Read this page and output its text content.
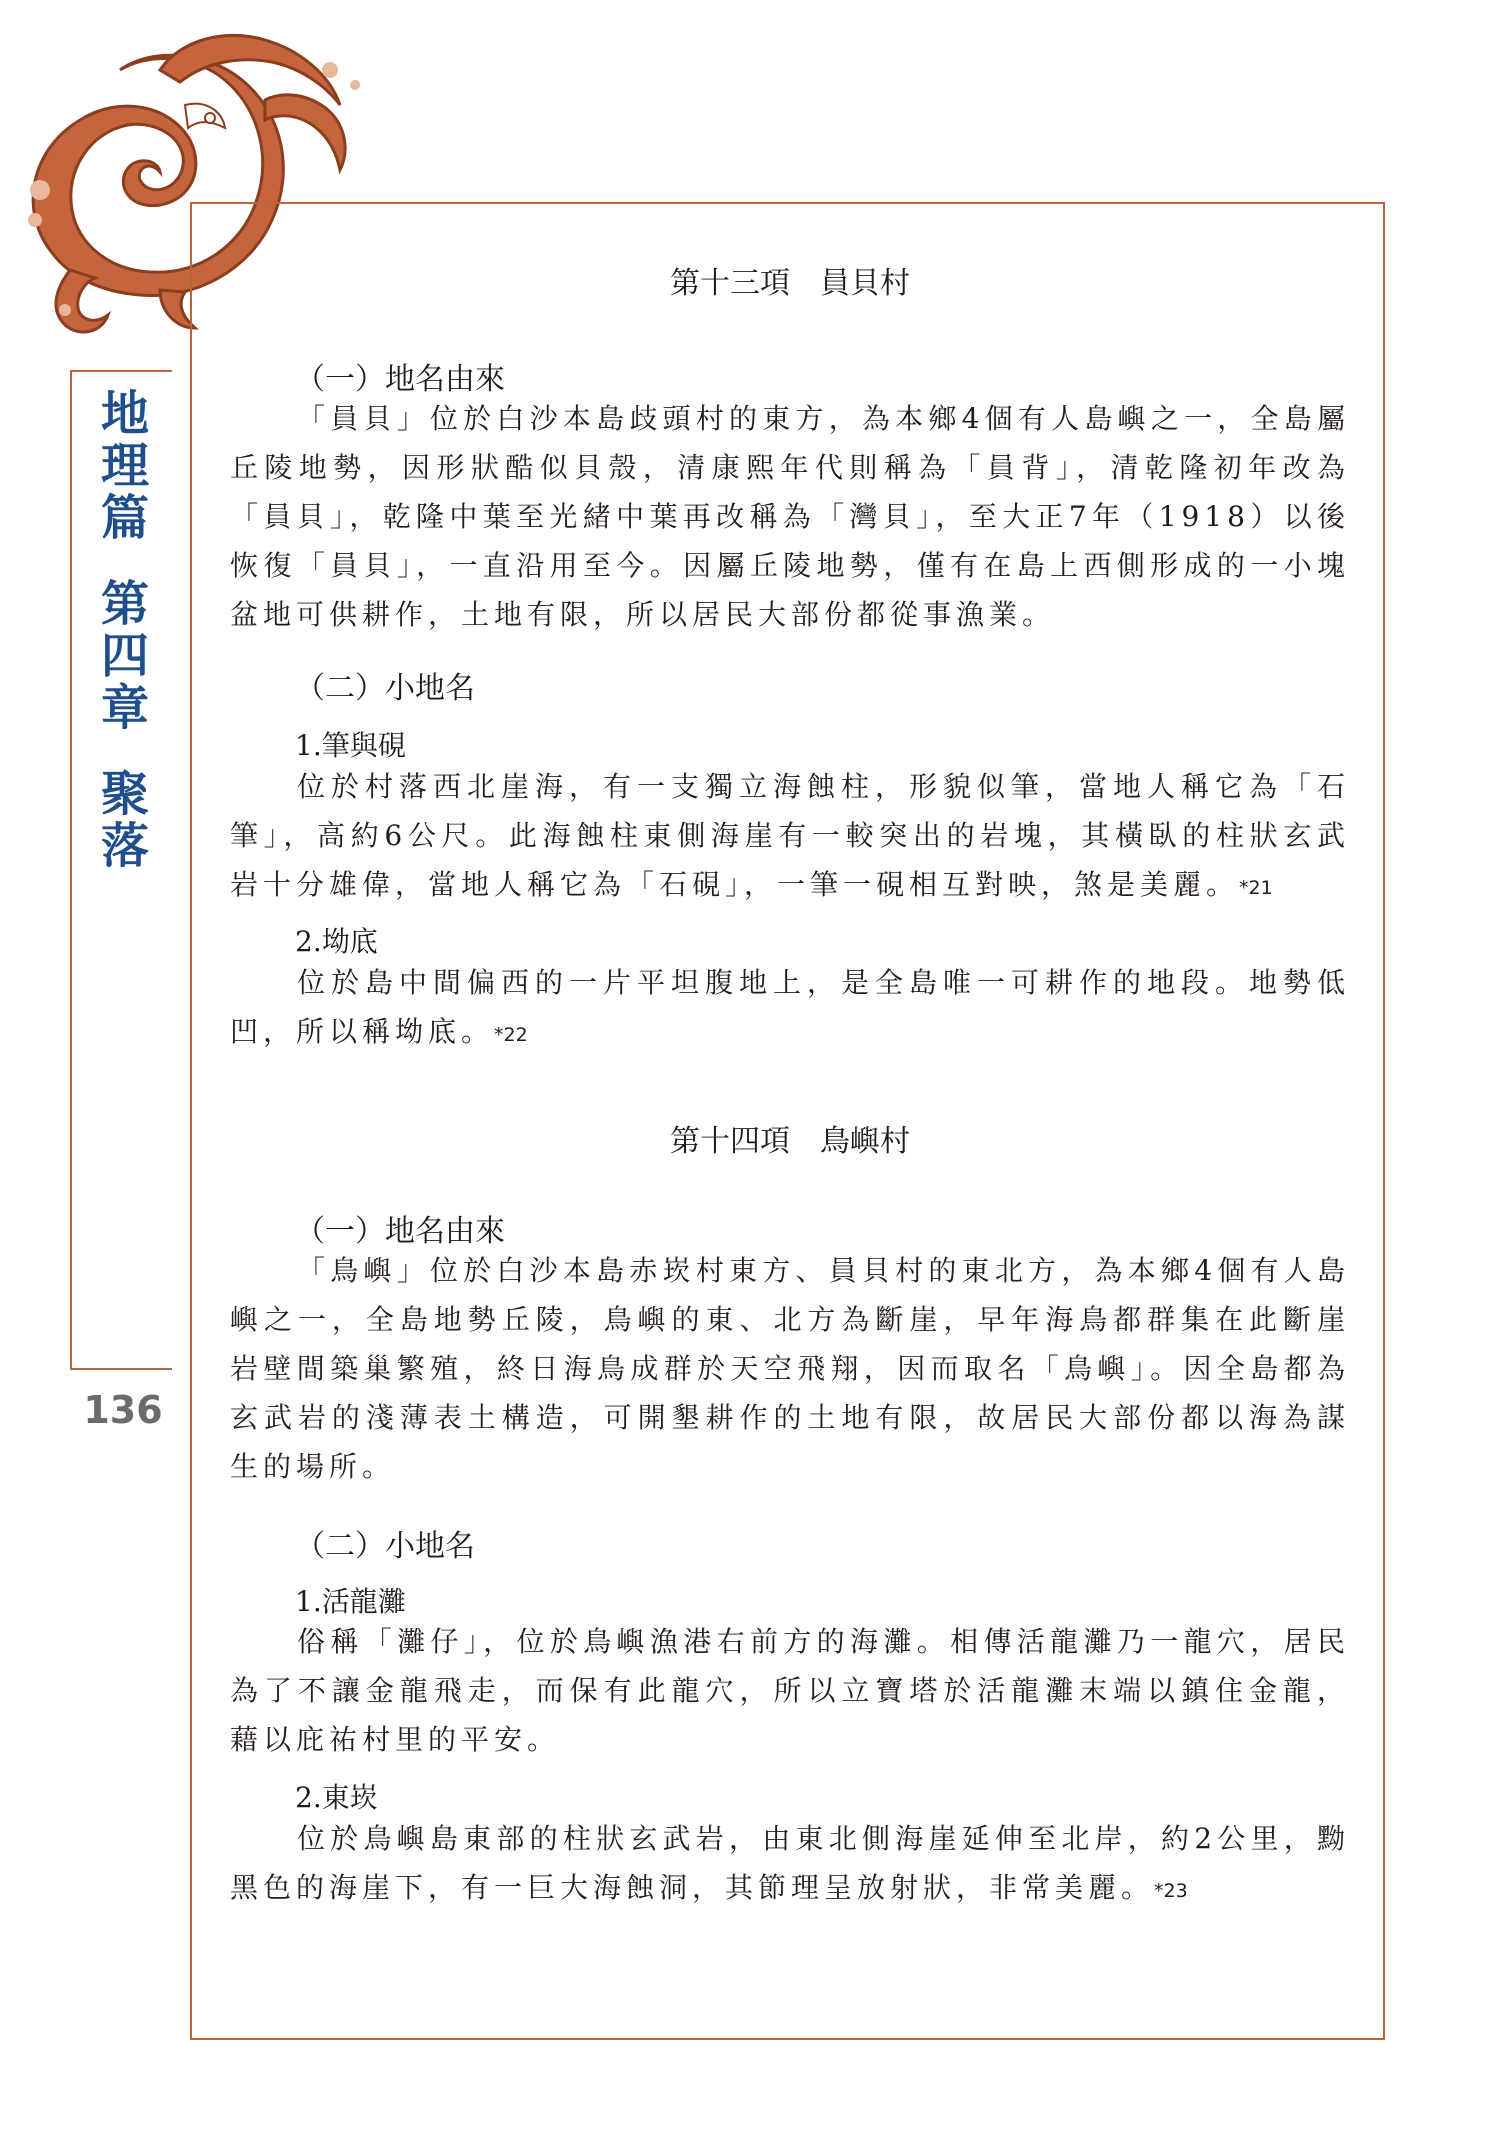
地理篇
第四章
聚落
136
第十三項　員貝村
（一）地名由來

「員貝」位於白沙本島歧頭村的東方，為本鄉4個有人島嶼之一，全島屬丘陵地勢，因形狀酷似貝殼，清康熙年代則稱為「員背」，清乾隆初年改為「員貝」，乾隆中葉至光緒中葉再改稱為「灣貝」，至大正7年（1918）以後恢復「員貝」，一直沿用至今。因屬丘陵地勢，僅有在島上西側形成的一小塊盆地可供耕作，土地有限，所以居民大部份都從事漁業。

（二）小地名
1.筆與硯

位於村落西北崖海，有一支獨立海蝕柱，形貌似筆，當地人稱它為「石筆」，高約6公尺。此海蝕柱東側海崖有一較突出的岩塊，其橫臥的柱狀玄武岩十分雄偉，當地人稱它為「石硯」，一筆一硯相互對映，煞是美麗。*21

2.坳底

位於島中間偏西的一片平坦腹地上，是全島唯一可耕作的地段。地勢低凹，所以稱坳底。*22

第十四項　鳥嶼村
（一）地名由來

「鳥嶼」位於白沙本島赤崁村東方、員貝村的東北方，為本鄉4個有人島嶼之一，全島地勢丘陵，鳥嶼的東、北方為斷崖，早年海鳥都群集在此斷崖岩壁間築巢繁殖，終日海鳥成群於天空飛翔，因而取名「鳥嶼」。因全島都為玄武岩的淺薄表土構造，可開墾耕作的土地有限，故居民大部份都以海為謀生的場所。

（二）小地名
1.活龍灘

俗稱「灘仔」，位於鳥嶼漁港右前方的海灘。相傳活龍灘乃一龍穴，居民為了不讓金龍飛走，而保有此龍穴，所以立寶塔於活龍灘末端以鎮住金龍，藉以庇祐村里的平安。

2.東崁

位於鳥嶼島東部的柱狀玄武岩，由東北側海崖延伸至北岸，約2公里，黝黑色的海崖下，有一巨大海蝕洞，其節理呈放射狀，非常美麗。*23
